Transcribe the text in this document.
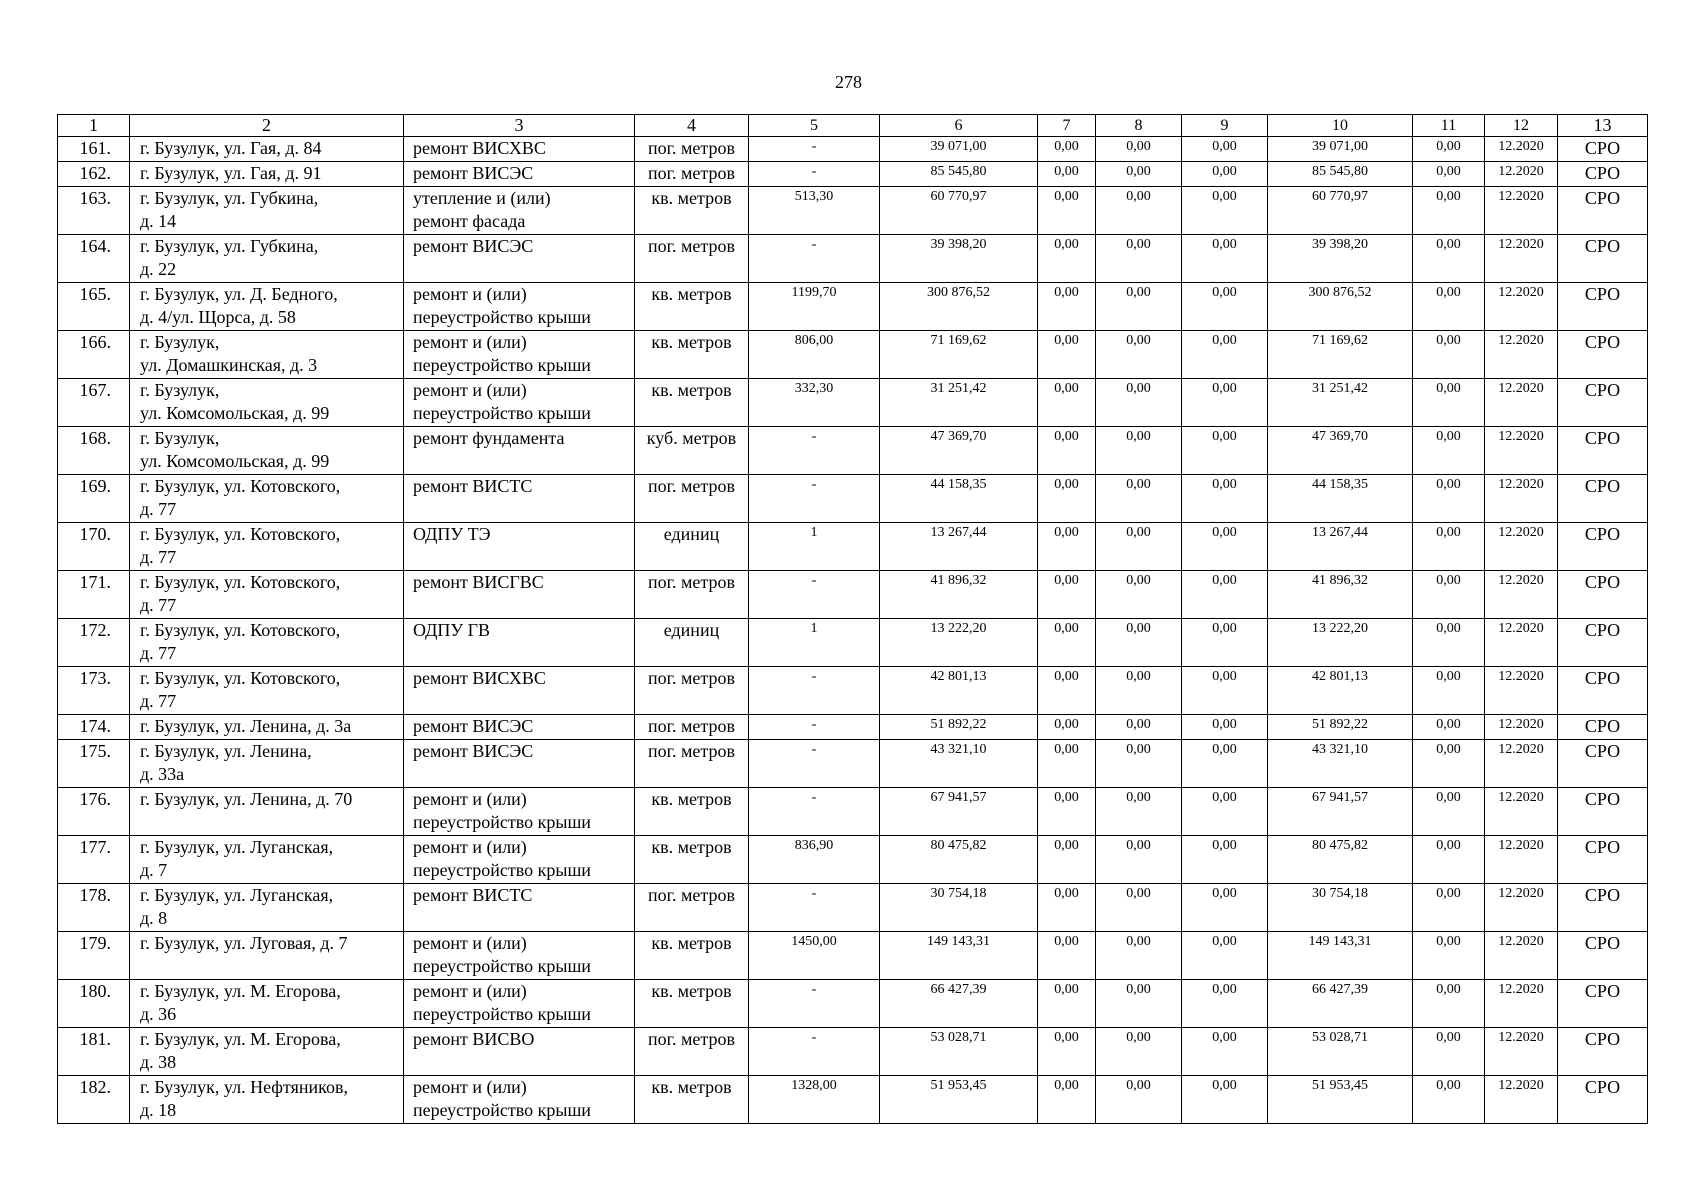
278
1	2	3	4	5	6	7	8	9	10	11	12	13

161.	г. Бузулук, ул. Гая, д. 84	ремонт ВИСХВС	пог. метров	-	39 071,00	0,00	0,00	0,00	39 071,00	0,00	12.2020	СРО

162.	г. Бузулук, ул. Гая, д. 91	ремонт ВИСЭС	пог. метров	-	85 545,80	0,00	0,00	0,00	85 545,80	0,00	12.2020	СРО

163.	г. Бузулук, ул. Губкина,
д. 14	утепление и (или)
ремонт фасада	кв. метров	513,30	60 770,97	0,00	0,00	0,00	60 770,97	0,00	12.2020	СРО

164.	г. Бузулук, ул. Губкина,
д. 22	ремонт ВИСЭС	пог. метров	-	39 398,20	0,00	0,00	0,00	39 398,20	0,00	12.2020	СРО

165.	г. Бузулук, ул. Д. Бедного,
д. 4/ул. Щорса, д. 58	ремонт и (или)
переустройство крыши	кв. метров	1199,70	300 876,52	0,00	0,00	0,00	300 876,52	0,00	12.2020	СРО

166.	г. Бузулук,
ул. Домашкинская, д. 3	ремонт и (или)
переустройство крыши	кв. метров	806,00	71 169,62	0,00	0,00	0,00	71 169,62	0,00	12.2020	СРО

167.	г. Бузулук,
ул. Комсомольская, д. 99	ремонт и (или)
переустройство крыши	кв. метров	332,30	31 251,42	0,00	0,00	0,00	31 251,42	0,00	12.2020	СРО

168.	г. Бузулук,
ул. Комсомольская, д. 99	ремонт фундамента	куб. метров	-	47 369,70	0,00	0,00	0,00	47 369,70	0,00	12.2020	СРО

169.	г. Бузулук, ул. Котовского,
д. 77	ремонт ВИСТС	пог. метров	-	44 158,35	0,00	0,00	0,00	44 158,35	0,00	12.2020	СРО

170.	г. Бузулук, ул. Котовского,
д. 77	ОДПУ ТЭ	единиц	1	13 267,44	0,00	0,00	0,00	13 267,44	0,00	12.2020	СРО

171.	г. Бузулук, ул. Котовского,
д. 77	ремонт ВИСГВС	пог. метров	-	41 896,32	0,00	0,00	0,00	41 896,32	0,00	12.2020	СРО

172.	г. Бузулук, ул. Котовского,
д. 77	ОДПУ ГВ	единиц	1	13 222,20	0,00	0,00	0,00	13 222,20	0,00	12.2020	СРО

173.	г. Бузулук, ул. Котовского,
д. 77	ремонт ВИСХВС	пог. метров	-	42 801,13	0,00	0,00	0,00	42 801,13	0,00	12.2020	СРО

174.	г. Бузулук, ул. Ленина, д. 3а	ремонт ВИСЭС	пог. метров	-	51 892,22	0,00	0,00	0,00	51 892,22	0,00	12.2020	СРО

175.	г. Бузулук, ул. Ленина,
д. 33а	ремонт ВИСЭС	пог. метров	-	43 321,10	0,00	0,00	0,00	43 321,10	0,00	12.2020	СРО

176.	г. Бузулук, ул. Ленина, д. 70	ремонт и (или)
переустройство крыши	кв. метров	-	67 941,57	0,00	0,00	0,00	67 941,57	0,00	12.2020	СРО

177.	г. Бузулук, ул. Луганская,
д. 7	ремонт и (или)
переустройство крыши	кв. метров	836,90	80 475,82	0,00	0,00	0,00	80 475,82	0,00	12.2020	СРО

178.	г. Бузулук, ул. Луганская,
д. 8	ремонт ВИСТС	пог. метров	-	30 754,18	0,00	0,00	0,00	30 754,18	0,00	12.2020	СРО

179.	г. Бузулук, ул. Луговая, д. 7	ремонт и (или)
переустройство крыши	кв. метров	1450,00	149 143,31	0,00	0,00	0,00	149 143,31	0,00	12.2020	СРО

180.	г. Бузулук, ул. М. Егорова,
д. 36	ремонт и (или)
переустройство крыши	кв. метров	-	66 427,39	0,00	0,00	0,00	66 427,39	0,00	12.2020	СРО

181.	г. Бузулук, ул. М. Егорова,
д. 38	ремонт ВИСВО	пог. метров	-	53 028,71	0,00	0,00	0,00	53 028,71	0,00	12.2020	СРО

182.	г. Бузулук, ул. Нефтяников,
д. 18	ремонт и (или)
переустройство крыши	кв. метров	1328,00	51 953,45	0,00	0,00	0,00	51 953,45	0,00	12.2020	СРО
